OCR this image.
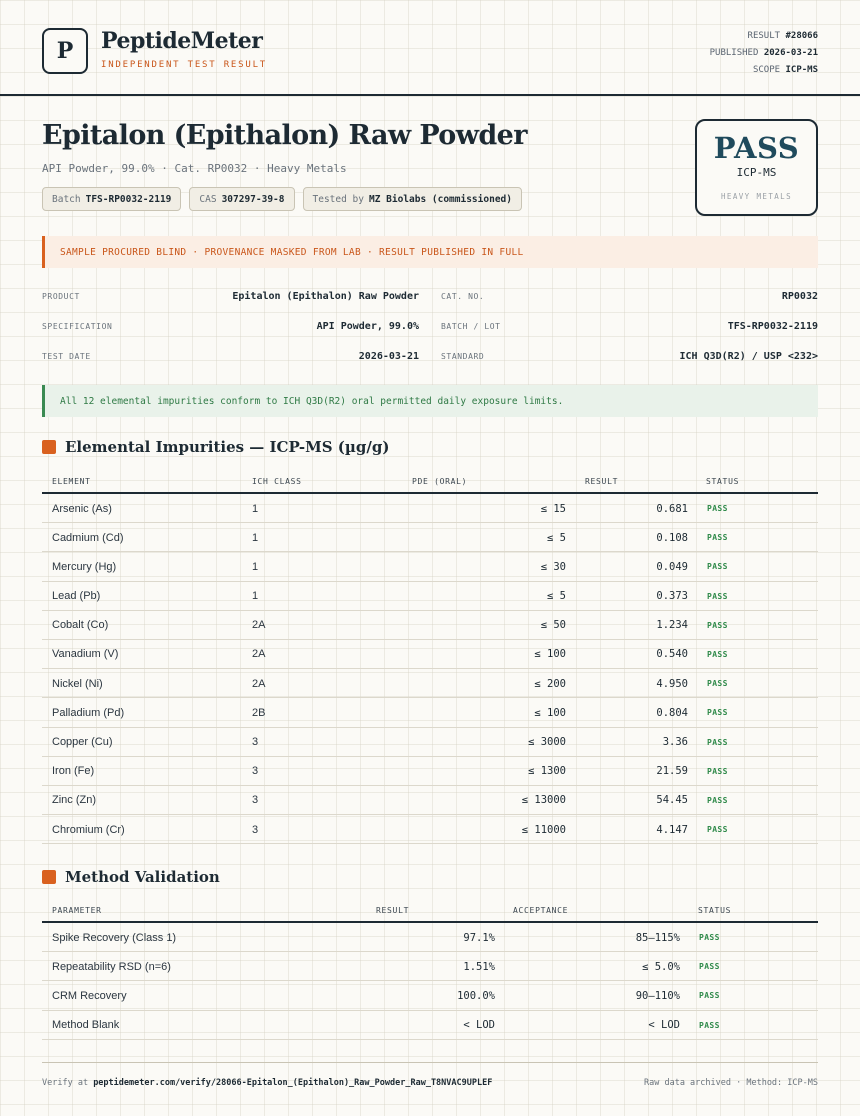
P	PeptideMeter
INDEPENDENT TEST RESULT
RESULT #28066
PUBLISHED 2026-03-21
SCOPE ICP-MS
Epitalon (Epithalon) Raw Powder
API Powder, 99.0% · Cat. RP0032 · Heavy Metals
Batch TFS-RP0032-2119	CAS 307297-39-8	Tested by MZ Biolabs (commissioned)
PASS
ICP-MS
HEAVY METALS
SAMPLE PROCURED BLIND · PROVENANCE MASKED FROM LAB · RESULT PUBLISHED IN FULL
PRODUCT	Epitalon (Epithalon) Raw Powder	CAT. NO.	RP0032
SPECIFICATION	API Powder, 99.0%	BATCH / LOT	TFS-RP0032-2119
TEST DATE	2026-03-21	STANDARD	ICH Q3D(R2) / USP <232>
All 12 elemental impurities conform to ICH Q3D(R2) oral permitted daily exposure limits.
Elemental Impurities — ICP-MS (µg/g)
ELEMENT	ICH CLASS	PDE (ORAL)	RESULT	STATUS
Arsenic (As)	1	≤ 15	0.681 PASS
Cadmium (Cd)	1	≤ 5	0.108 PASS
Mercury (Hg)	1	≤ 30	0.049 PASS
Lead (Pb)	1	≤ 5	0.373 PASS
Cobalt (Co)	2A	≤ 50	1.234 PASS
Vanadium (V)	2A	≤ 100	0.540 PASS
Nickel (Ni)	2A	≤ 200	4.950 PASS
Palladium (Pd)	2B	≤ 100	0.804 PASS
Copper (Cu)	3	≤ 3000	3.36 PASS
Iron (Fe)	3	≤ 1300	21.59 PASS
Zinc (Zn)	3	≤ 13000	54.45 PASS
Chromium (Cr)	3	≤ 11000	4.147 PASS
Method Validation
PARAMETER	RESULT	ACCEPTANCE	STATUS
Spike Recovery (Class 1)	97.1%	85–115% PASS
Repeatability RSD (n=6)	1.51%	≤ 5.0% PASS
CRM Recovery	100.0%	90–110% PASS
Method Blank	< LOD	< LOD PASS
Verify at peptidemeter.com/verify/28066-Epitalon_(Epithalon)_Raw_Powder_Raw_T8NVAC9UPLEF	Raw data archived · Method: ICP-MS
